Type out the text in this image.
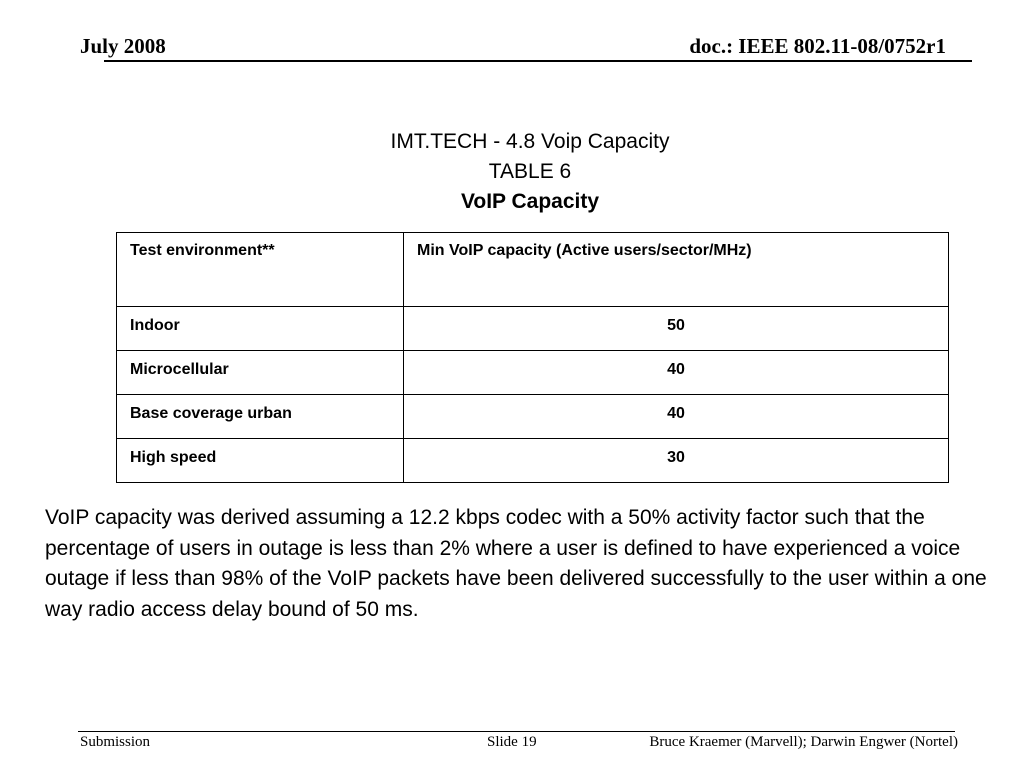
July 2008	doc.: IEEE 802.11-08/0752r1
IMT.TECH - 4.8 Voip Capacity
TABLE 6
VoIP Capacity
Test environment**	Min VoIP capacity (Active users/sector/MHz)
Indoor	50
Microcellular	40
Base coverage urban	40
High speed	30
VoIP capacity was derived assuming a 12.2 kbps codec with a 50% activity factor such that the percentage of users in outage is less than 2% where a user is defined to have experienced a voice outage if less than 98% of the VoIP packets have been delivered successfully to the user within a one way radio access delay bound of 50 ms.
Submission	Slide 19	Bruce Kraemer (Marvell); Darwin Engwer (Nortel)
